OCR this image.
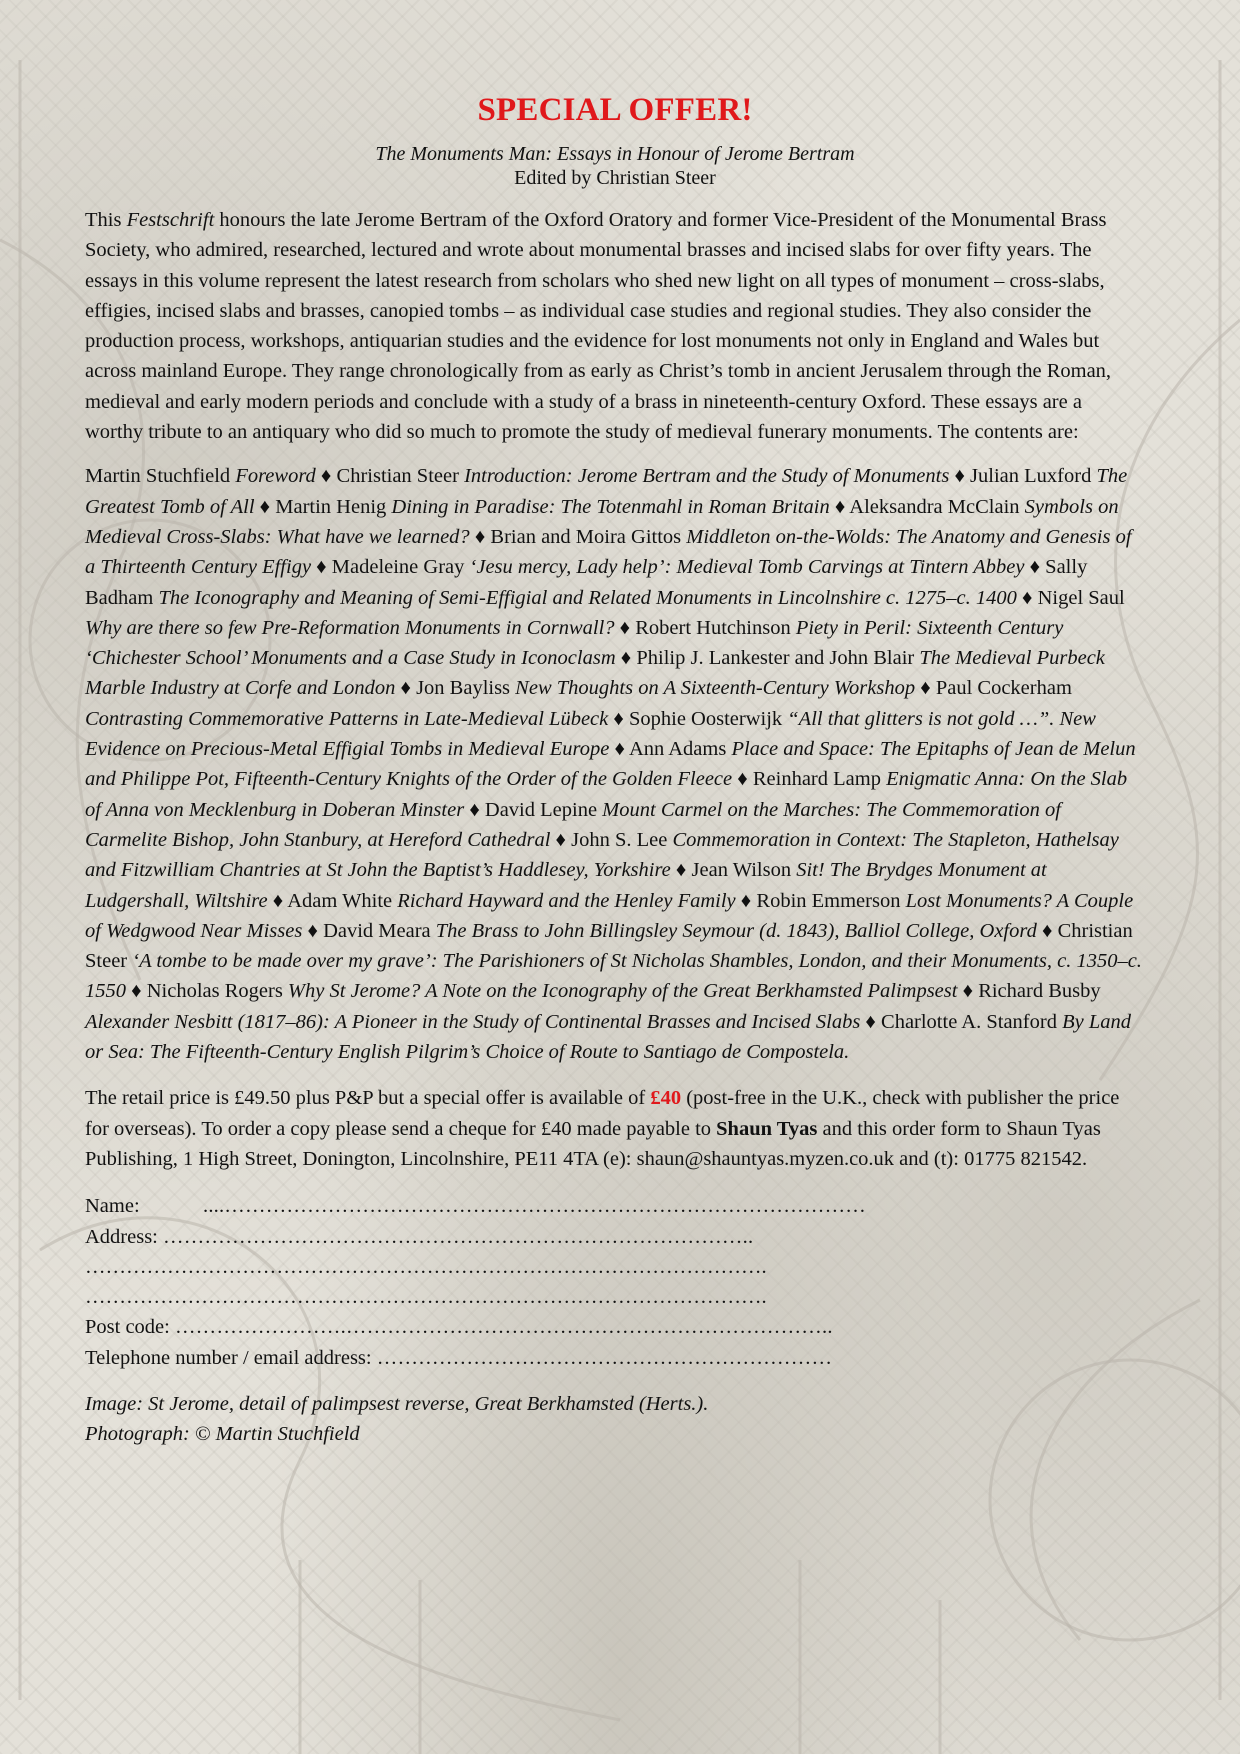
SPECIAL OFFER!
The Monuments Man: Essays in Honour of Jerome Bertram
Edited by Christian Steer

This Festschrift honours the late Jerome Bertram of the Oxford Oratory and former Vice-President of the Monumental Brass Society, who admired, researched, lectured and wrote about monumental brasses and incised slabs for over fifty years. The essays in this volume represent the latest research from scholars who shed new light on all types of monument – cross-slabs, effigies, incised slabs and brasses, canopied tombs – as individual case studies and regional studies. They also consider the production process, workshops, antiquarian studies and the evidence for lost monuments not only in England and Wales but across mainland Europe. They range chronologically from as early as Christ’s tomb in ancient Jerusalem through the Roman, medieval and early modern periods and conclude with a study of a brass in nineteenth-century Oxford. These essays are a worthy tribute to an antiquary who did so much to promote the study of medieval funerary monuments. The contents are:

Martin Stuchfield Foreword ♦ Christian Steer Introduction: Jerome Bertram and the Study of Monuments ♦ Julian Luxford The Greatest Tomb of All ♦ Martin Henig Dining in Paradise: The Totenmahl in Roman Britain ♦ Aleksandra McClain Symbols on Medieval Cross-Slabs: What have we learned? ♦ Brian and Moira Gittos Middleton on-the-Wolds: The Anatomy and Genesis of a Thirteenth Century Effigy ♦ Madeleine Gray ‘Jesu mercy, Lady help’: Medieval Tomb Carvings at Tintern Abbey ♦ Sally Badham The Iconography and Meaning of Semi-Effigial and Related Monuments in Lincolnshire c. 1275–c. 1400 ♦ Nigel Saul Why are there so few Pre-Reformation Monuments in Cornwall? ♦ Robert Hutchinson Piety in Peril: Sixteenth Century ‘Chichester School’ Monuments and a Case Study in Iconoclasm ♦ Philip J. Lankester and John Blair The Medieval Purbeck Marble Industry at Corfe and London ♦ Jon Bayliss New Thoughts on A Sixteenth-Century Workshop ♦ Paul Cockerham Contrasting Commemorative Patterns in Late-Medieval Lübeck ♦ Sophie Oosterwijk “All that glitters is not gold …”. New Evidence on Precious-Metal Effigial Tombs in Medieval Europe ♦ Ann Adams Place and Space: The Epitaphs of Jean de Melun and Philippe Pot, Fifteenth-Century Knights of the Order of the Golden Fleece ♦ Reinhard Lamp Enigmatic Anna: On the Slab of Anna von Mecklenburg in Doberan Minster ♦ David Lepine Mount Carmel on the Marches: The Commemoration of Carmelite Bishop, John Stanbury, at Hereford Cathedral ♦ John S. Lee Commemoration in Context: The Stapleton, Hathelsay and Fitzwilliam Chantries at St John the Baptist’s Haddlesey, Yorkshire ♦ Jean Wilson Sit! The Brydges Monument at Ludgershall, Wiltshire ♦ Adam White Richard Hayward and the Henley Family ♦ Robin Emmerson Lost Monuments? A Couple of Wedgwood Near Misses ♦ David Meara The Brass to John Billingsley Seymour (d. 1843), Balliol College, Oxford ♦ Christian Steer ‘A tombe to be made over my grave’: The Parishioners of St Nicholas Shambles, London, and their Monuments, c. 1350–c. 1550 ♦ Nicholas Rogers Why St Jerome? A Note on the Iconography of the Great Berkhamsted Palimpsest ♦ Richard Busby Alexander Nesbitt (1817–86): A Pioneer in the Study of Continental Brasses and Incised Slabs ♦ Charlotte A. Stanford By Land or Sea: The Fifteenth-Century English Pilgrim’s Choice of Route to Santiago de Compostela.

The retail price is £49.50 plus P&P but a special offer is available of £40 (post-free in the U.K., check with publisher the price for overseas). To order a copy please send a cheque for £40 made payable to Shaun Tyas and this order form to Shaun Tyas Publishing, 1 High Street, Donington, Lincolnshire, PE11 4TA (e): shaun@shauntyas.myzen.co.uk and (t): 01775 821542.

Name:	....…………………………………………………………………………………
Address: …………………………………………………………………………..
……………………………………………………………………………………….
……………………………………………………………………………………….
Post code: …………………….……………………………………………………………..
Telephone number / email address: …………………………………………………………
Image: St Jerome, detail of palimpsest reverse, Great Berkhamsted (Herts.).
Photograph: © Martin Stuchfield
